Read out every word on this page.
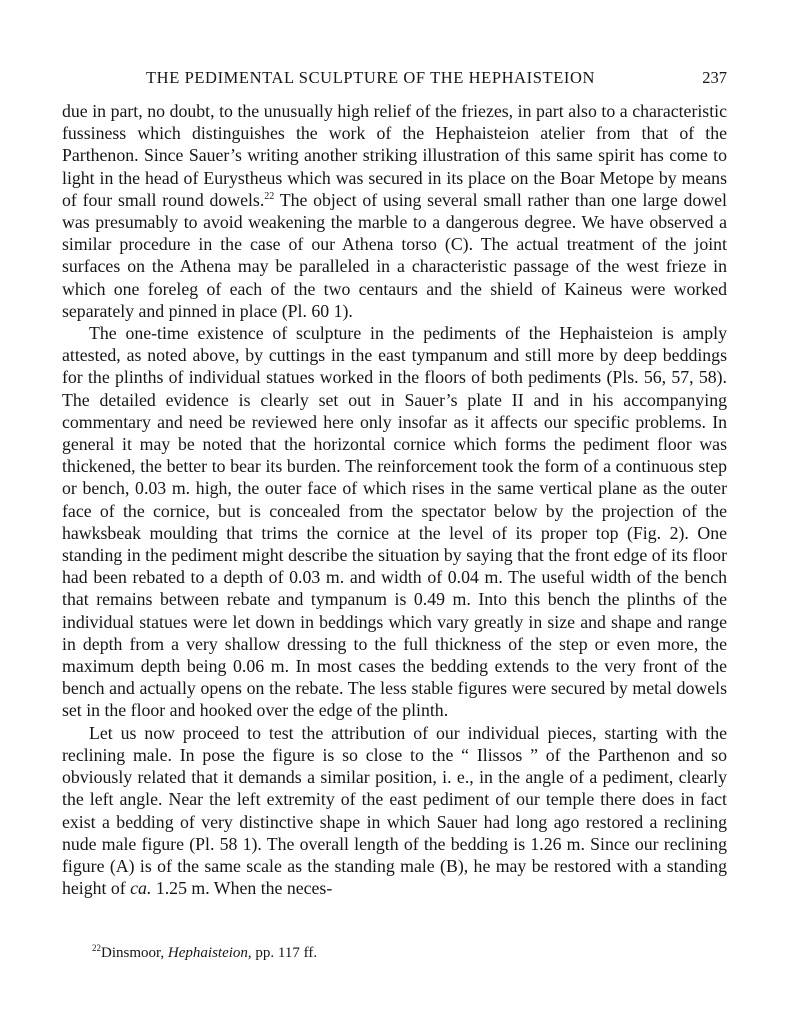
THE PEDIMENTAL SCULPTURE OF THE HEPHAISTEION	237

due in part, no doubt, to the unusually high relief of the friezes, in part also to a characteristic fussiness which distinguishes the work of the Hephaisteion atelier from that of the Parthenon. Since Sauer’s writing another striking illustration of this same spirit has come to light in the head of Eurystheus which was secured in its place on the Boar Metope by means of four small round dowels.$^{22}$ The object of using several small rather than one large dowel was presumably to avoid weakening the marble to a dangerous degree. We have observed a similar procedure in the case of our Athena torso (C). The actual treatment of the joint surfaces on the Athena may be paralleled in a characteristic passage of the west frieze in which one foreleg of each of the two centaurs and the shield of Kaineus were worked separately and pinned in place (Pl. 60 1).

The one-time existence of sculpture in the pediments of the Hephaisteion is amply attested, as noted above, by cuttings in the east tympanum and still more by deep beddings for the plinths of individual statues worked in the floors of both pediments (Pls. 56, 57, 58). The detailed evidence is clearly set out in Sauer’s plate II and in his accompanying commentary and need be reviewed here only insofar as it affects our specific problems. In general it may be noted that the horizontal cornice which forms the pediment floor was thickened, the better to bear its burden. The reinforcement took the form of a continuous step or bench, 0.03 m. high, the outer face of which rises in the same vertical plane as the outer face of the cornice, but is concealed from the spectator below by the projection of the hawksbeak moulding that trims the cornice at the level of its proper top (Fig. 2). One standing in the pediment might describe the situation by saying that the front edge of its floor had been rebated to a depth of 0.03 m. and width of 0.04 m. The useful width of the bench that remains between rebate and tympanum is 0.49 m. Into this bench the plinths of the individual statues were let down in beddings which vary greatly in size and shape and range in depth from a very shallow dressing to the full thickness of the step or even more, the maximum depth being 0.06 m. In most cases the bedding extends to the very front of the bench and actually opens on the rebate. The less stable figures were secured by metal dowels set in the floor and hooked over the edge of the plinth.

Let us now proceed to test the attribution of our individual pieces, starting with the reclining male. In pose the figure is so close to the “ Ilissos ” of the Parthenon and so obviously related that it demands a similar position, i. e., in the angle of a pediment, clearly the left angle. Near the left extremity of the east pediment of our temple there does in fact exist a bedding of very distinctive shape in which Sauer had long ago restored a reclining nude male figure (Pl. 58 1). The overall length of the bedding is 1.26 m. Since our reclining figure (A) is of the same scale as the standing male (B), he may be restored with a standing height of ca. 1.25 m. When the neces-

$^{22}$Dinsmoor, Hephaisteion, pp. 117 ff.
